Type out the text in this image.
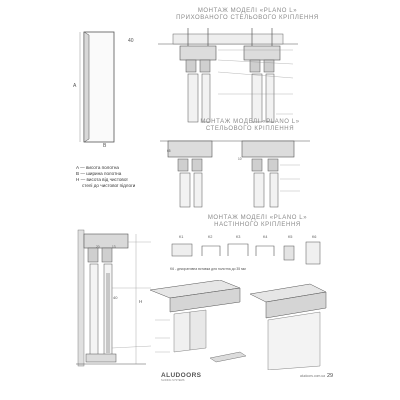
A
40
B
A — висота полотна
B — ширина полотна
H — висота від чистової
стелі до чистової підлоги
МОНТАЖ МОДЕЛІ «PLANO L»
ПРИХОВАНОГО СТЕЛЬОВОГО КРІПЛЕННЯ
МОНТАЖ МОДЕЛІ «PLANO L»
СТЕЛЬОВОГО КРІПЛЕННЯ
65
10
МОНТАЖ МОДЕЛІ «PLANO L»
НАСТІННОГО КРІПЛЕННЯ
H
40
20	13
K1	K2	K3	K4	K5	K6
K6 - декоративна вставка для полотна до 35 мм
ALUDOORS
SLIDING SYSTEMS
aludoors.com.ua 29
